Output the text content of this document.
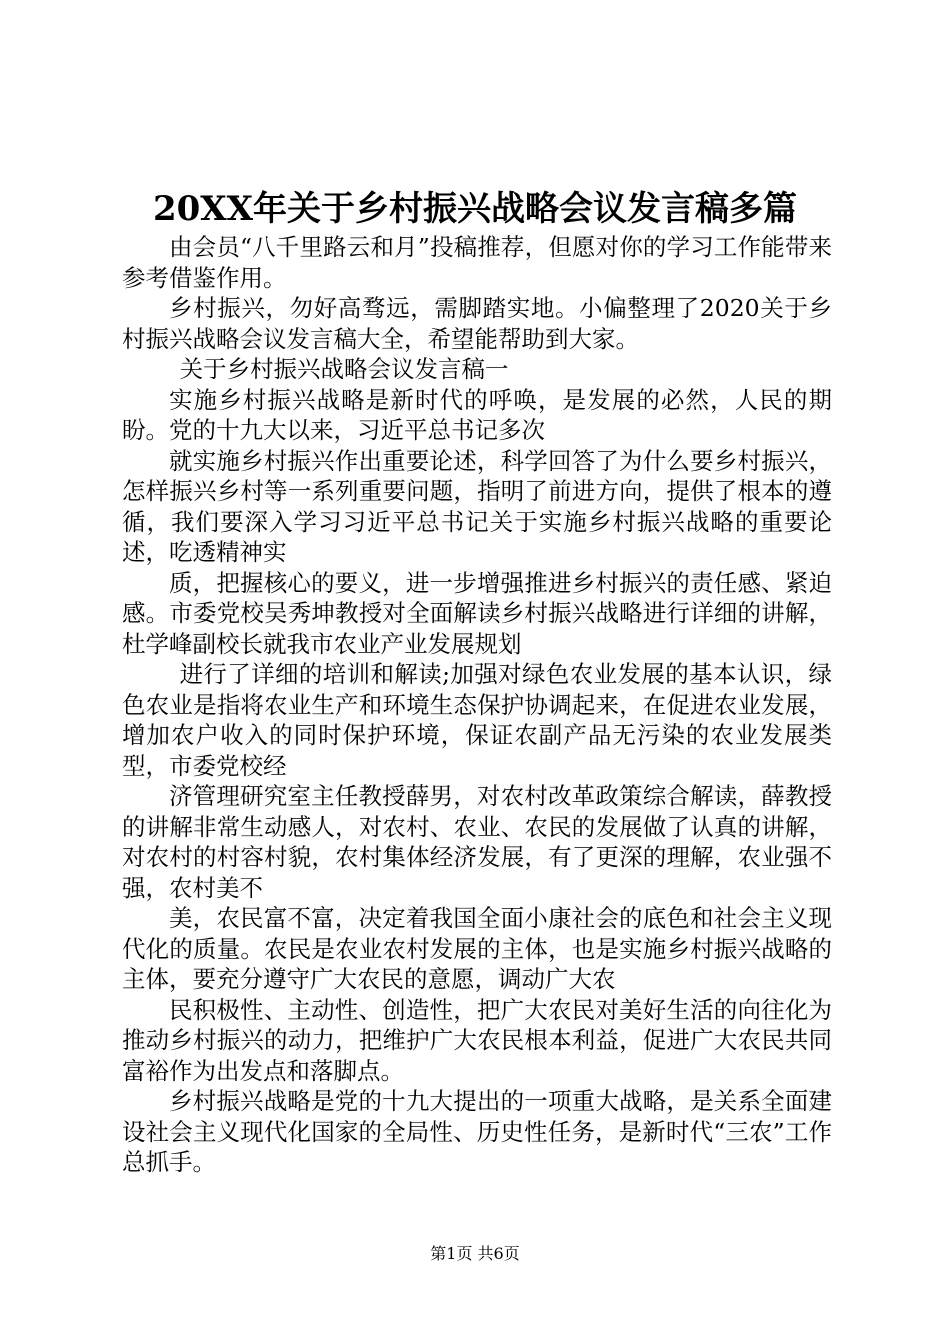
20XX年关于乡村振兴战略会议发言稿多篇

由会员“八千里路云和月”投稿推荐，但愿对你的学习工作能带来参考借鉴作用。

乡村振兴，勿好高骛远，需脚踏实地。小偏整理了2020关于乡村振兴战略会议发言稿大全，希望能帮助到大家。

关于乡村振兴战略会议发言稿一

实施乡村振兴战略是新时代的呼唤，是发展的必然，人民的期盼。党的十九大以来，习近平总书记多次

就实施乡村振兴作出重要论述，科学回答了为什么要乡村振兴，怎样振兴乡村等一系列重要问题，指明了前进方向，提供了根本的遵循，我们要深入学习习近平总书记关于实施乡村振兴战略的重要论述，吃透精神实

质，把握核心的要义，进一步增强推进乡村振兴的责任感、紧迫感。市委党校吴秀坤教授对全面解读乡村振兴战略进行详细的讲解，杜学峰副校长就我市农业产业发展规划

进行了详细的培训和解读;加强对绿色农业发展的基本认识，绿色农业是指将农业生产和环境生态保护协调起来，在促进农业发展，增加农户收入的同时保护环境，保证农副产品无污染的农业发展类型，市委党校经

济管理研究室主任教授薛男，对农村改革政策综合解读，薛教授的讲解非常生动感人，对农村、农业、农民的发展做了认真的讲解，对农村的村容村貌，农村集体经济发展，有了更深的理解，农业强不强，农村美不

美，农民富不富，决定着我国全面小康社会的底色和社会主义现代化的质量。农民是农业农村发展的主体，也是实施乡村振兴战略的主体，要充分遵守广大农民的意愿，调动广大农

民积极性、主动性、创造性，把广大农民对美好生活的向往化为推动乡村振兴的动力，把维护广大农民根本利益，促进广大农民共同富裕作为出发点和落脚点。

乡村振兴战略是党的十九大提出的一项重大战略，是关系全面建设社会主义现代化国家的全局性、历史性任务，是新时代“三农”工作总抓手。

第1页 共6页
